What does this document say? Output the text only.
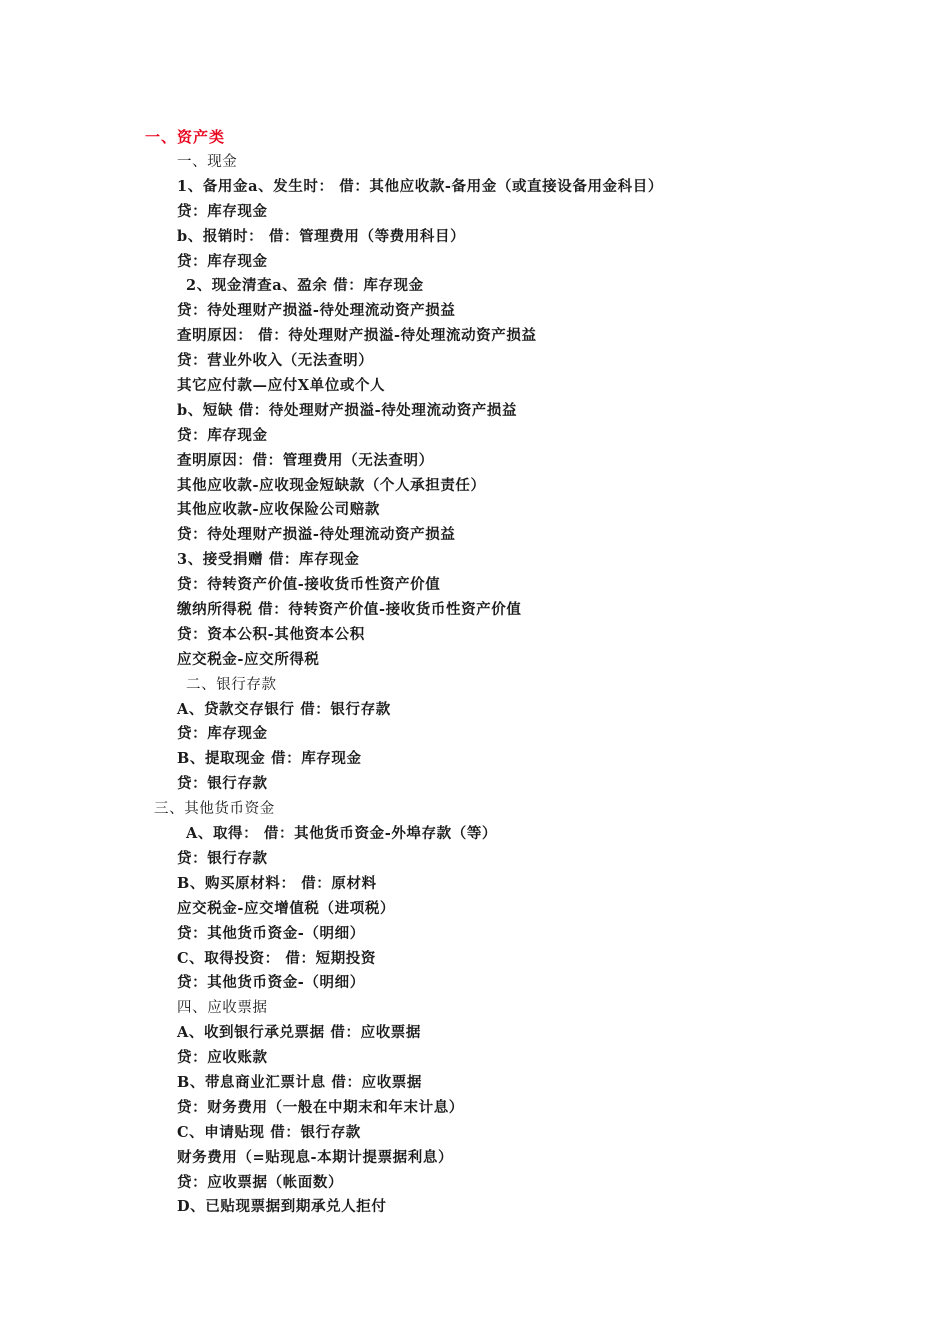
一、资产类
一、现金
1、备用金a、发生时： 借：其他应收款-备用金（或直接设备用金科目）
贷：库存现金
b、报销时： 借：管理费用（等费用科目）
贷：库存现金
2、现金清查a、盈余 借：库存现金
贷：待处理财产损溢-待处理流动资产损益
查明原因： 借：待处理财产损溢-待处理流动资产损益
贷：营业外收入（无法查明）
其它应付款—应付X单位或个人
b、短缺 借：待处理财产损溢-待处理流动资产损益
贷：库存现金
查明原因：借：管理费用（无法查明）
其他应收款-应收现金短缺款（个人承担责任）
其他应收款-应收保险公司赔款
贷：待处理财产损溢-待处理流动资产损益
3、接受捐赠 借：库存现金
贷：待转资产价值-接收货币性资产价值
缴纳所得税 借：待转资产价值-接收货币性资产价值
贷：资本公积-其他资本公积
应交税金-应交所得税
二、银行存款
A、贷款交存银行 借：银行存款
贷：库存现金
B、提取现金 借：库存现金
贷：银行存款
三、其他货币资金
A、取得： 借：其他货币资金-外埠存款（等）
贷：银行存款
B、购买原材料： 借：原材料
应交税金-应交增值税（进项税）
贷：其他货币资金-（明细）
C、取得投资： 借：短期投资
贷：其他货币资金-（明细）
四、应收票据
A、收到银行承兑票据 借：应收票据
贷：应收账款
B、带息商业汇票计息 借：应收票据
贷：财务费用（一般在中期末和年末计息）
C、申请贴现 借：银行存款
财务费用（=贴现息-本期计提票据利息）
贷：应收票据（帐面数）
D、已贴现票据到期承兑人拒付
